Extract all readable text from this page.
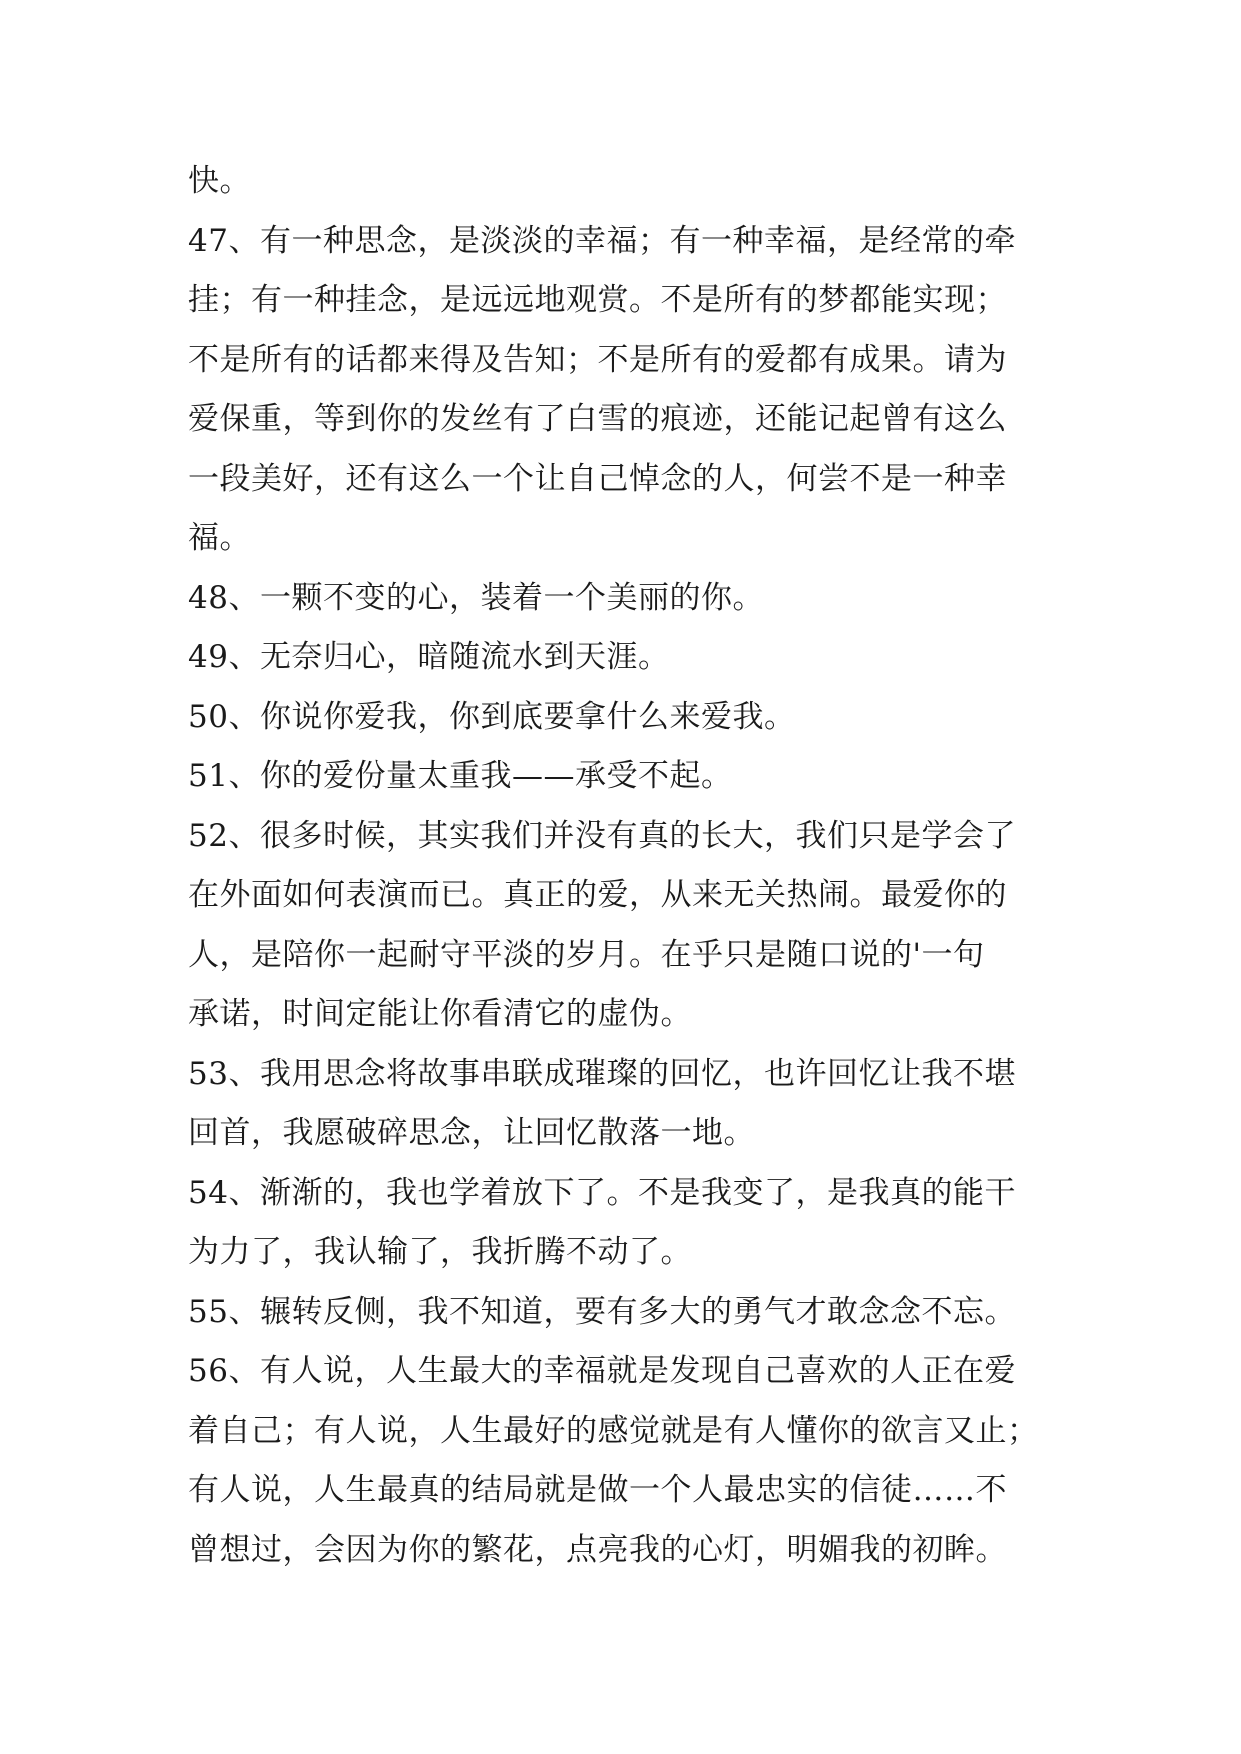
快。
47、有一种思念，是淡淡的幸福；有一种幸福，是经常的牵
挂；有一种挂念，是远远地观赏。不是所有的梦都能实现；
不是所有的话都来得及告知；不是所有的爱都有成果。请为
爱保重，等到你的发丝有了白雪的痕迹，还能记起曾有这么
一段美好，还有这么一个让自己悼念的人，何尝不是一种幸
福。
48、一颗不变的心，装着一个美丽的你。
49、无奈归心，暗随流水到天涯。
50、你说你爱我，你到底要拿什么来爱我。
51、你的爱份量太重我——承受不起。
52、很多时候，其实我们并没有真的长大，我们只是学会了
在外面如何表演而已。真正的爱，从来无关热闹。最爱你的
人，是陪你一起耐守平淡的岁月。在乎只是随口说的'一句
承诺，时间定能让你看清它的虚伪。
53、我用思念将故事串联成璀璨的回忆，也许回忆让我不堪
回首，我愿破碎思念，让回忆散落一地。
54、渐渐的，我也学着放下了。不是我变了，是我真的能干
为力了，我认输了，我折腾不动了。
55、辗转反侧，我不知道，要有多大的勇气才敢念念不忘。
56、有人说，人生最大的幸福就是发现自己喜欢的人正在爱
着自己；有人说，人生最好的感觉就是有人懂你的欲言又止；
有人说，人生最真的结局就是做一个人最忠实的信徒……不
曾想过，会因为你的繁花，点亮我的心灯，明媚我的初眸。
